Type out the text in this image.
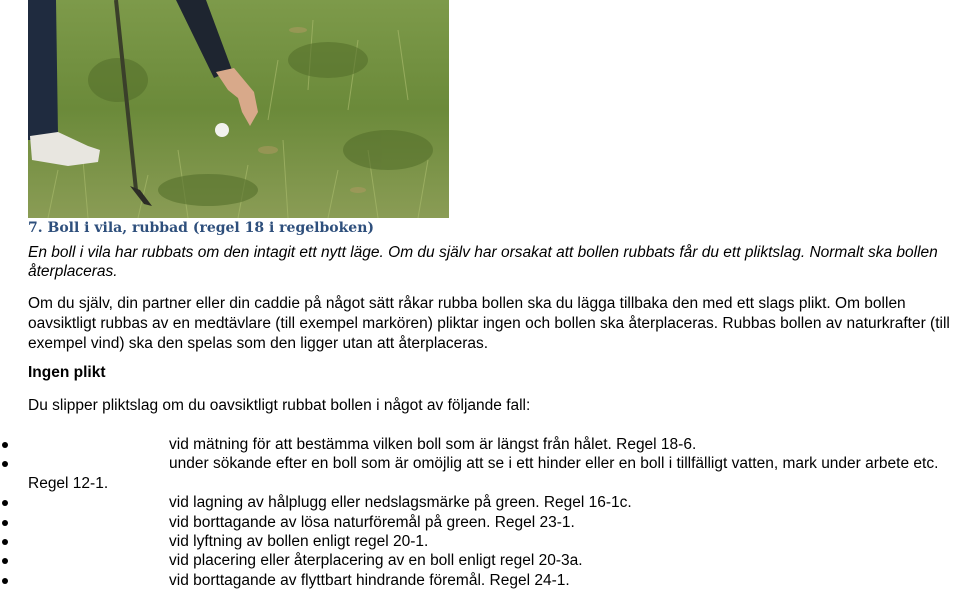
7. Boll i vila, rubbad (regel 18 i regelboken)

En boll i vila har rubbats om den intagit ett nytt läge. Om du själv har orsakat att bollen rubbats får du ett pliktslag. Normalt ska bollen återplaceras.

Om du själv, din partner eller din caddie på något sätt råkar rubba bollen ska du lägga tillbaka den med ett slags plikt. Om bollen oavsiktligt rubbas av en medtävlare (till exempel markören) pliktar ingen och bollen ska återplaceras. Rubbas bollen av naturkrafter (till exempel vind) ska den spelas som den ligger utan att återplaceras.

Ingen plikt

Du slipper pliktslag om du oavsiktligt rubbat bollen i något av följande fall:

vid mätning för att bestämma vilken boll som är längst från hålet. Regel 18-6.
under sökande efter en boll som är omöjlig att se i ett hinder eller en boll i tillfälligt vatten, mark under arbete etc. Regel 12-1.
vid lagning av hålplugg eller nedslagsmärke på green. Regel 16-1c.
vid borttagande av lösa naturföremål på green. Regel 23-1.
vid lyftning av bollen enligt regel 20-1.
vid placering eller återplacering av en boll enligt regel 20-3a.
vid borttagande av flyttbart hindrande föremål. Regel 24-1.
